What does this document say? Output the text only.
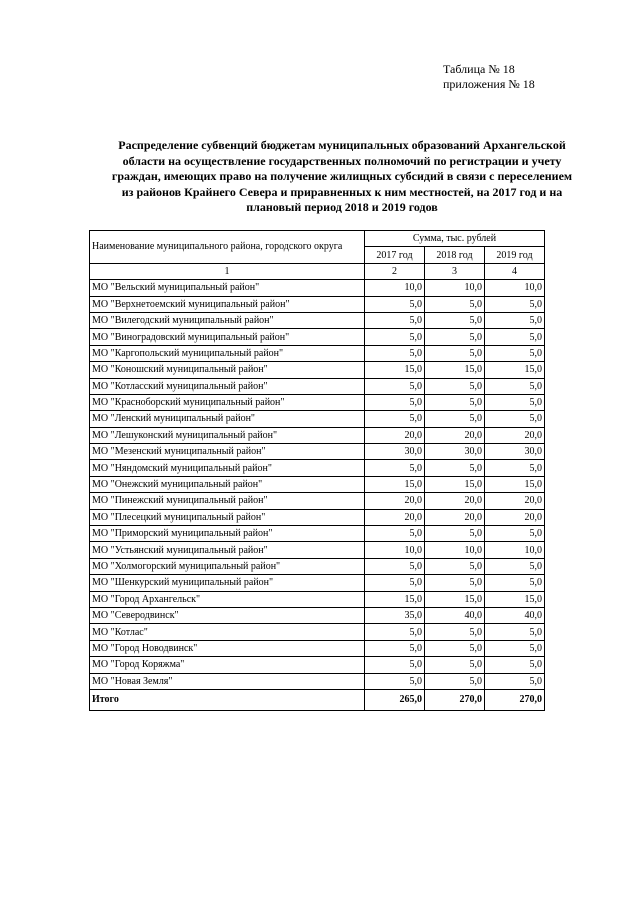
Таблица № 18
приложения № 18
Распределение субвенций бюджетам муниципальных образований Архангельской
области на осуществление государственных полномочий по регистрации и учету
граждан, имеющих право на получение жилищных субсидий в связи с переселением
из районов Крайнего Севера и приравненных к ним местностей, на 2017 год и на
плановый период 2018 и 2019 годов
Наименование муниципального района, городского округа	Сумма, тыс. рублей		
	2017 год	2018 год	2019 год
1	2	3	4
МО "Вельский муниципальный район"	10,0	10,0	10,0
МО "Верхнетоемский муниципальный район"	5,0	5,0	5,0
МО "Вилегодский муниципальный район"	5,0	5,0	5,0
МО "Виноградовский муниципальный район"	5,0	5,0	5,0
МО "Каргопольский муниципальный район"	5,0	5,0	5,0
МО "Коношский муниципальный район"	15,0	15,0	15,0
МО "Котласский муниципальный район"	5,0	5,0	5,0
МО "Красноборский муниципальный район"	5,0	5,0	5,0
МО "Ленский муниципальный район"	5,0	5,0	5,0
МО "Лешуконский муниципальный район"	20,0	20,0	20,0
МО "Мезенский муниципальный район"	30,0	30,0	30,0
МО "Няндомский муниципальный район"	5,0	5,0	5,0
МО "Онежский муниципальный район"	15,0	15,0	15,0
МО "Пинежский муниципальный район"	20,0	20,0	20,0
МО "Плесецкий муниципальный район"	20,0	20,0	20,0
МО "Приморский муниципальный район"	5,0	5,0	5,0
МО "Устьянский муниципальный район"	10,0	10,0	10,0
МО "Холмогорский муниципальный район"	5,0	5,0	5,0
МО "Шенкурский муниципальный район"	5,0	5,0	5,0
МО "Город Архангельск"	15,0	15,0	15,0
МО "Северодвинск"	35,0	40,0	40,0
МО "Котлас"	5,0	5,0	5,0
МО "Город Новодвинск"	5,0	5,0	5,0
МО "Город Коряжма"	5,0	5,0	5,0
МО "Новая Земля"	5,0	5,0	5,0
Итого	265,0	270,0	270,0
